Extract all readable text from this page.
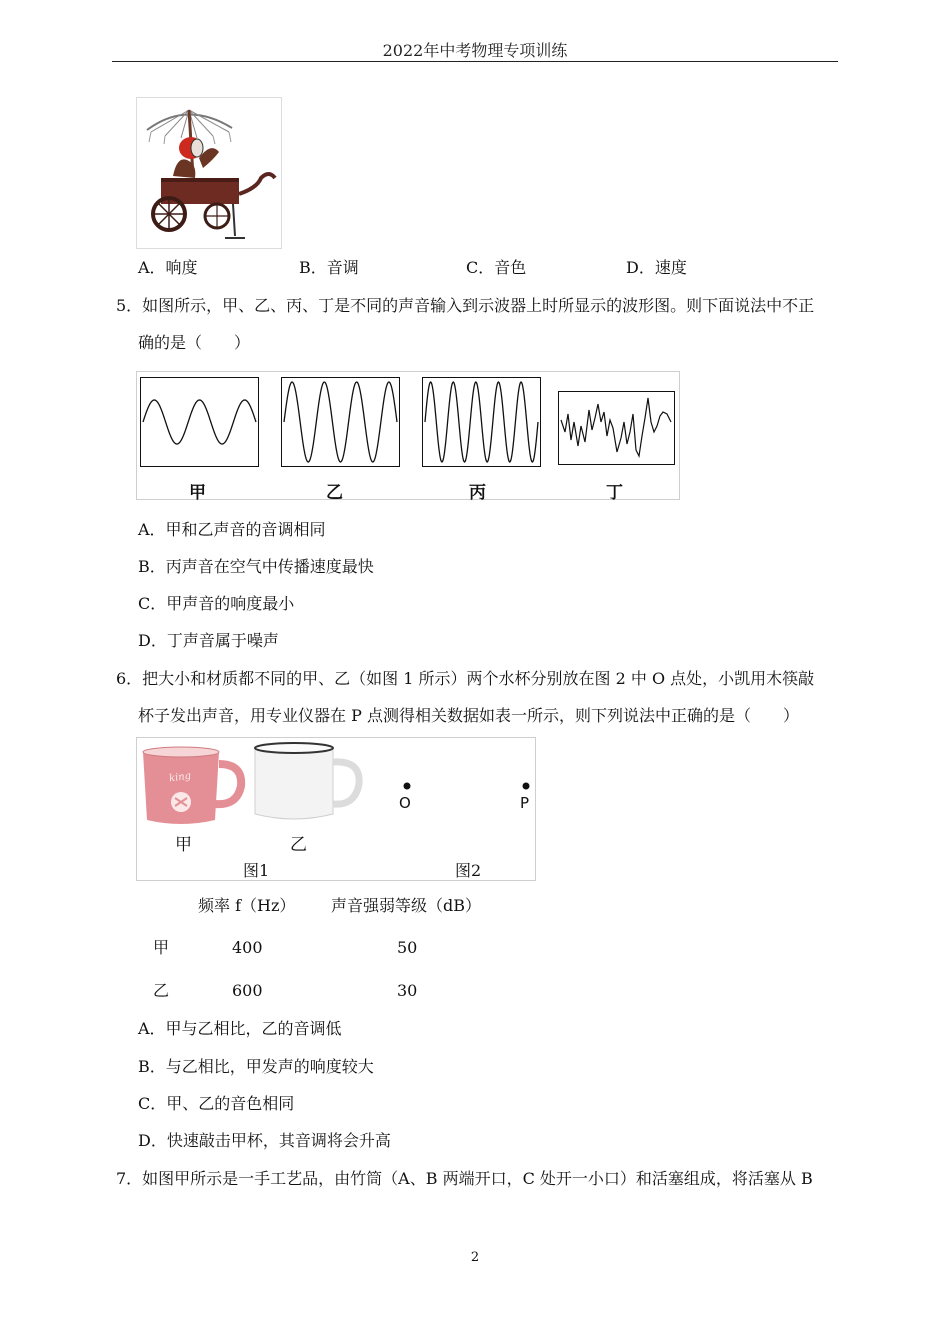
2022年中考物理专项训练
A．响度	B．音调	C．音色	D．速度
5．如图所示，甲、乙、丙、丁是不同的声音输入到示波器上时所显示的波形图。则下面说法中不正
确的是（　　）
甲	乙	丙	丁
A．甲和乙声音的音调相同
B．丙声音在空气中传播速度最快
C．甲声音的响度最小
D．丁声音属于噪声
6．把大小和材质都不同的甲、乙（如图 1 所示）两个水杯分别放在图 2 中 O 点处，小凯用木筷敲
杯子发出声音，用专业仪器在 P 点测得相关数据如表一所示，则下列说法中正确的是（　　）
king
O	P
甲	乙
图1	图2
频率 f（Hz） 声音强弱等级（dB）
甲	400	50
乙	600	30
A．甲与乙相比，乙的音调低
B．与乙相比，甲发声的响度较大
C．甲、乙的音色相同
D．快速敲击甲杯，其音调将会升高
7．如图甲所示是一手工艺品，由竹筒（A、B 两端开口，C 处开一小口）和活塞组成，将活塞从 B
2
